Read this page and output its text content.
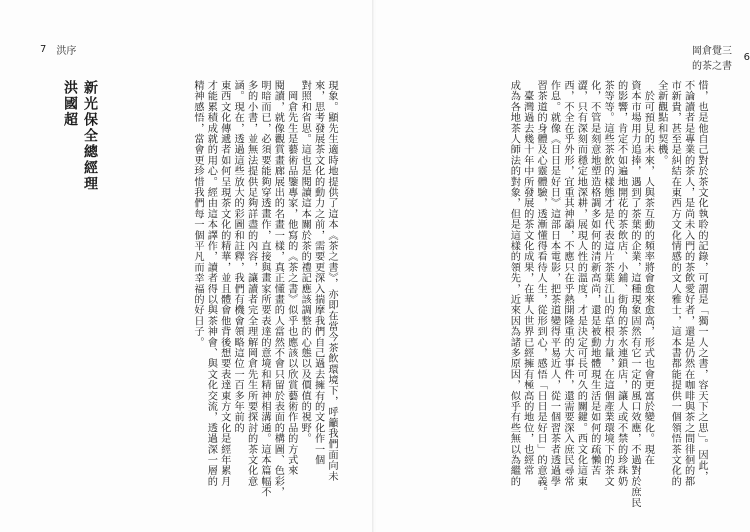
7 洪序
現象。顯先生適時地提供了這本《茶之書》，亦即在當今茶飲環境下，呼籲我們面向未
來，思考發展茶文化的動力之前，需要更深入揣摩我們自己過去擁有的文化作一個
對照和省思。這也是閱讀這本關於茶的禮記應該調整的心態以及價值的視野。
　岡倉先生是藝術品鑒專家，他寫的《茶之書》似乎也應該以欣賞藝術作品的方式來
閱讀，就像觀賞畫廊展出的名畫一樣，真正懂畫的人當然不會只留於表面的構圖、色彩，
明暗而已，必須要能夠穿透畫作，直接與畫家所要表達的意境和精神相溝通。這本篇幅不
多的小書，並無法提供足夠詳盡的內容，讓讀者完全理解岡倉先生所要探討的茶文化意
涵。現在，透過這些放大的彩圖和註釋，我們有機會領略這位一百多年前的
東西文化傳遞者如何呈現茶文化的精華，並且體會他背後想要表達東方文化是經年累月
才能累積成就的用心。經由這本譯作，讀者得以與茶神會、與文化交流，透過深一層的
精神感悟，當會更珍惜我們每一個平凡而幸福的好日子。
新光保全總經理
洪國超
岡倉覺三的茶之書
6
惜，也是他自己對於茶文化執聆的記錄，可謂是「獨一人之書，容天下之思」。因此，
不論讀者是專業的茶人，是尚未入門的茶飲愛好者，還是仍然在咖啡與茶之間徘徊的都
市新貴，甚至是糾結在東西方文化情感的文人雅士，這本書都能提供一個領悟茶文化的
全新觀點和契機。
　於可預見的未來，人與茶互動的頻率將會愈來愈高，形式也會更富於變化。現在
資本市場用力追捧，遇到了茶葉的企業，這種現象固然有它一定的風口效應，不過對於庶民
的影響，肯定不如遍地開花的茶飲店、小鋪、街角的茶水連鎖店，讓人或不禁的珍珠奶
茶等等。這些茶飲的樣態才是代表這片茶葉江山的草根力量，在這個產業環境下的茶文
化，不管是刻意地塑造格調多如何的清新高尚，還是被動地體現生活是如何的疏懶苦
澀，只有深刻而穩定地深耕，展現人性的溫度，才是決定可長可久的關鍵。西文化這東
西，不全在乎外形，宜重其神韻，不應只在乎熱開隆重的大事件，還需要深入庶民尋常
作息。就像《日日是好日》這部日本電影，把茶道變得平易近人，從一個習茶者透過學
習茶道的身體及心靈體驗，透漸懂得看待人生，從形到心，感悟「日日是好日」的意義。
　臺灣過去幾十年中所發展的茶文化成果，在華人世界已經擁有極高的地位，也經常
成為各地茶人師法的對象，但是這樣的領先，近來因為諸多原因，似乎有些無以為繼的
